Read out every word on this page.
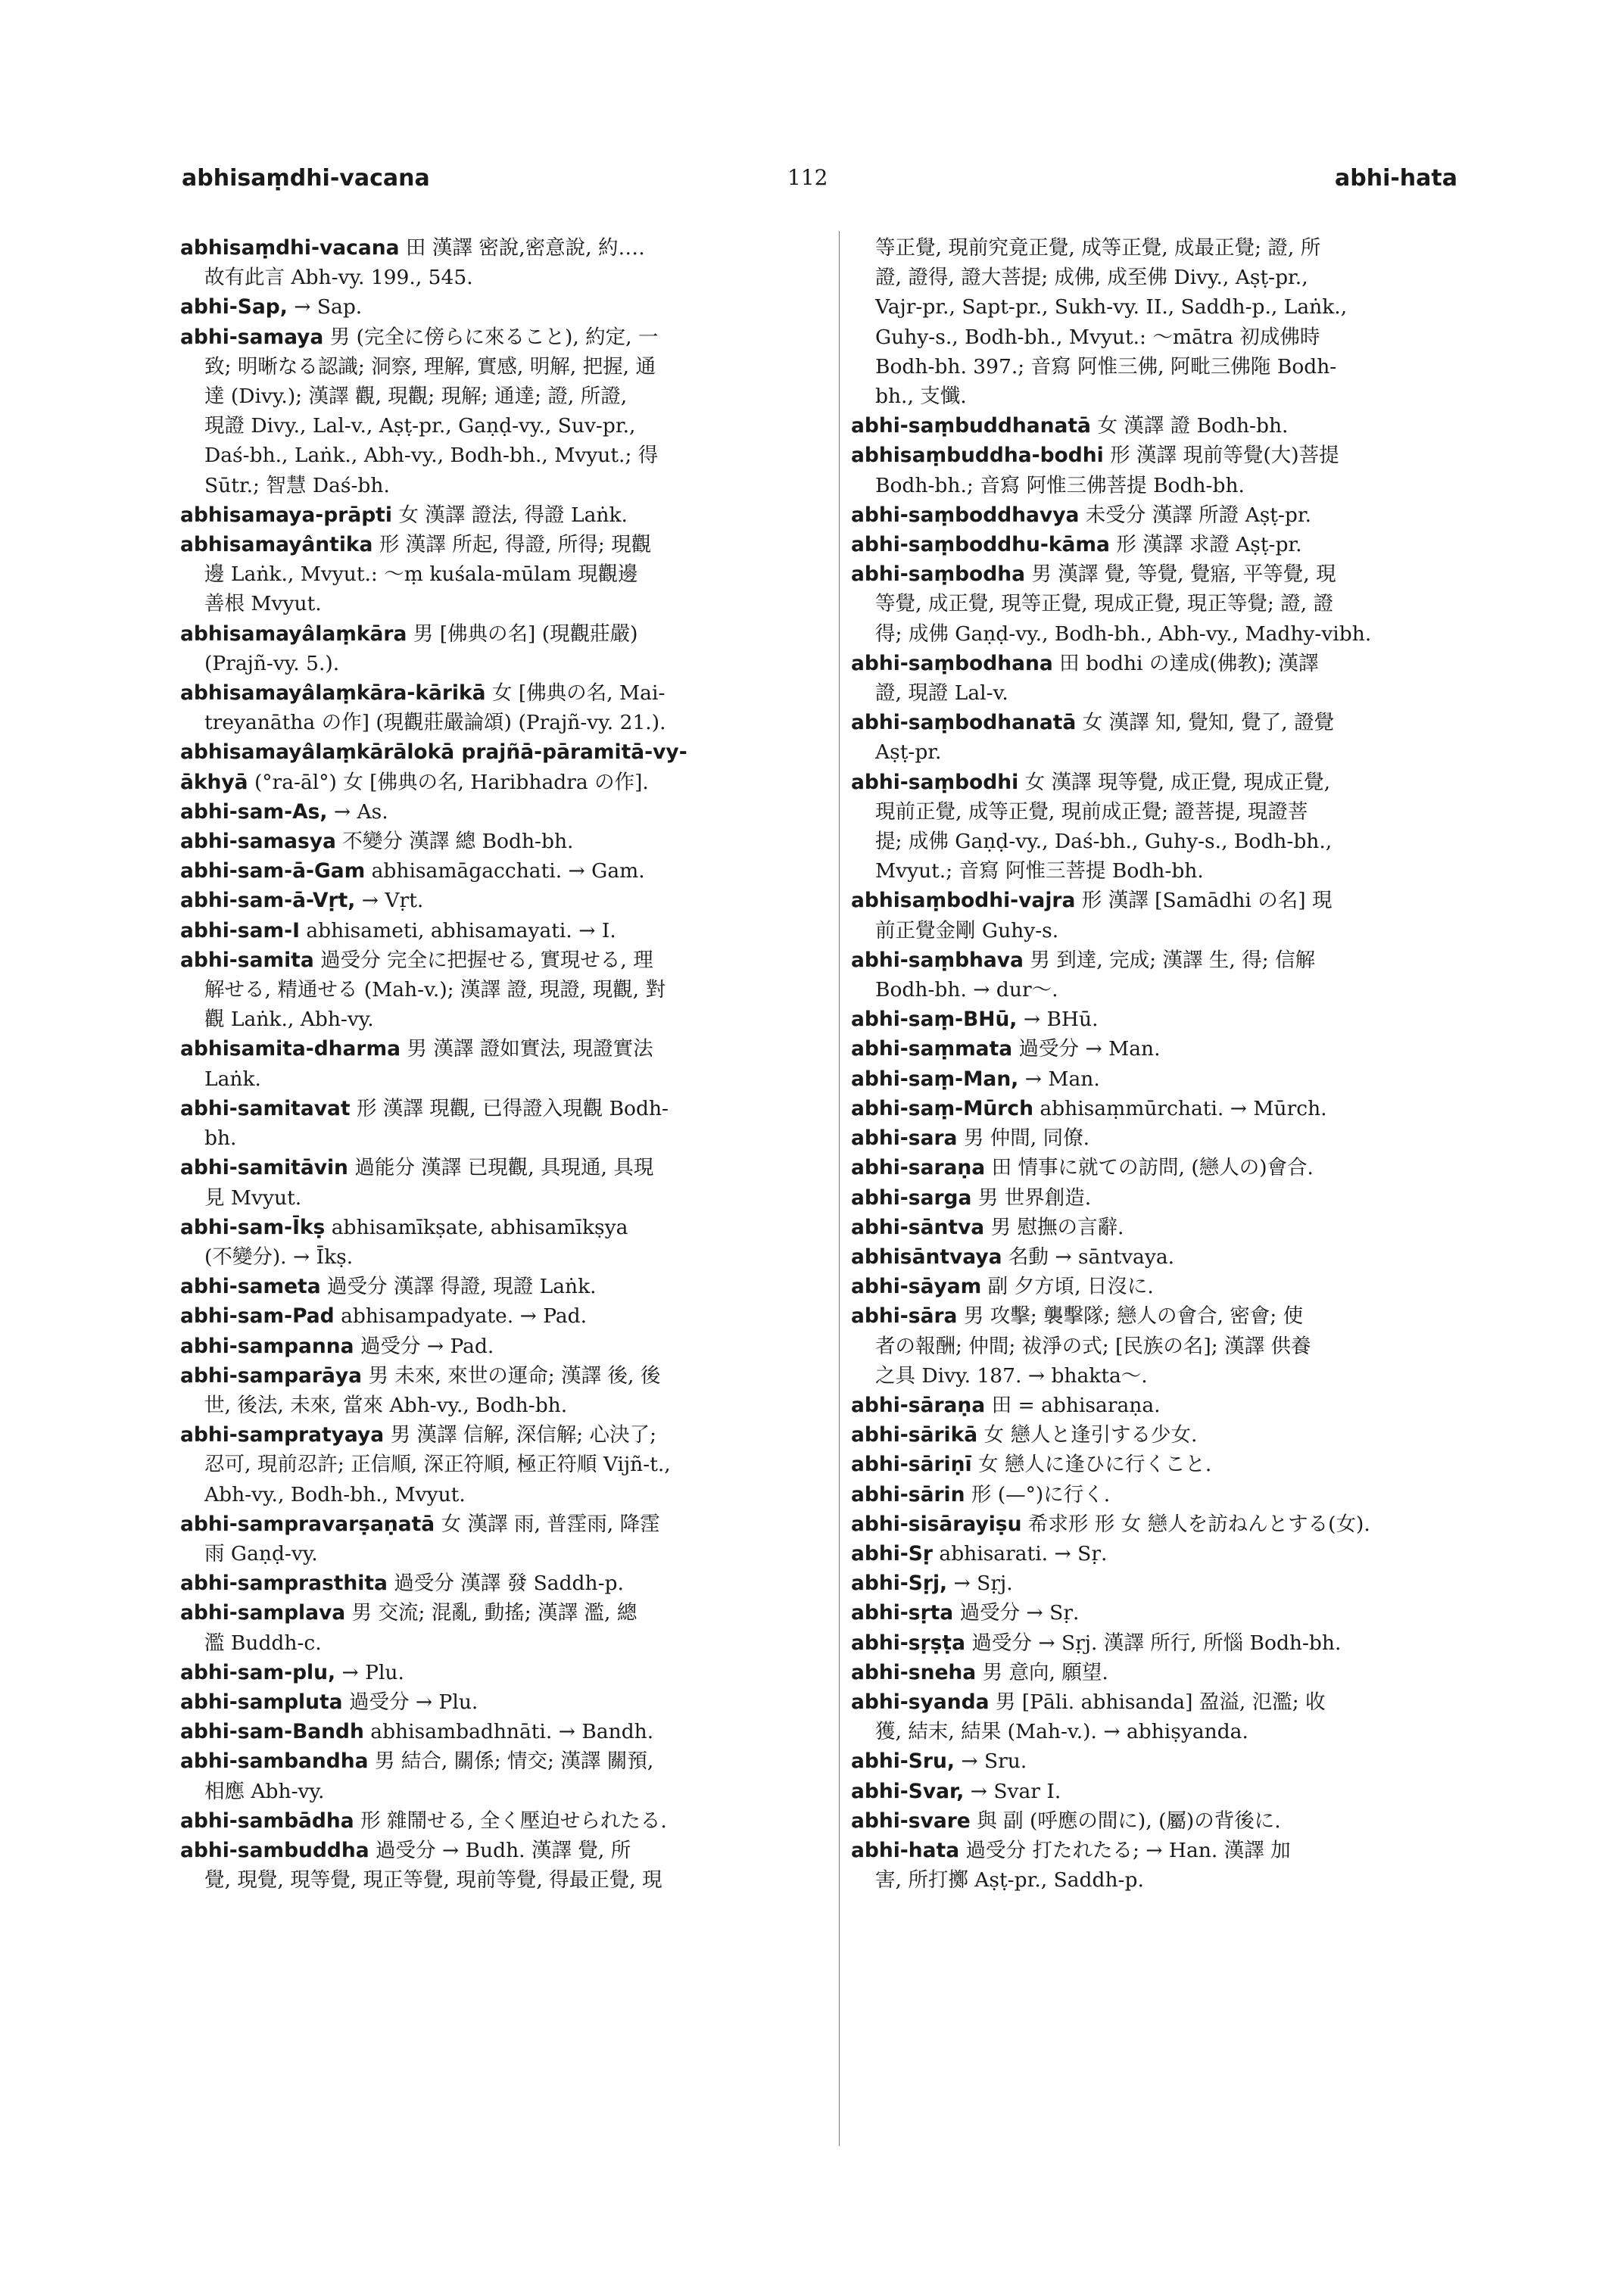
abhisaṃdhi-vacana	112	abhi-hata

abhisaṃdhi-vacana 田 漢譯 密說,密意說, 約‥‥

故有此言 Abh-vy. 199., 545.

abhi-Sap, → Sap.

abhi-samaya 男 (完全に傍らに來ること), 約定, 一

致; 明晰なる認識; 洞察, 理解, 實感, 明解, 把握, 通

達 (Divy.); 漢譯 觀, 現觀; 現解; 通達; 證, 所證,

現證 Divy., Lal-v., Aṣṭ-pr., Gaṇḍ-vy., Suv-pr.,

Daś-bh., Laṅk., Abh-vy., Bodh-bh., Mvyut.; 得

Sūtr.; 智慧 Daś-bh.

abhisamaya-prāpti 女 漢譯 證法, 得證 Laṅk.

abhisamayântika 形 漢譯 所起, 得證, 所得; 現觀

邊 Laṅk., Mvyut.: 〜ṃ kuśala-mūlam 現觀邊

善根 Mvyut.

abhisamayâlaṃkāra 男 [佛典の名] (現觀莊嚴)

(Prajñ-vy. 5.).

abhisamayâlaṃkāra-kārikā 女 [佛典の名, Mai-

treyanātha の作] (現觀莊嚴論頌) (Prajñ-vy. 21.).

abhisamayâlaṃkārālokā prajñā-pāramitā-vy-

ākhyā (°ra-āl°) 女 [佛典の名, Haribhadra の作].

abhi-sam-As, → As.

abhi-samasya 不變分 漢譯 總 Bodh-bh.

abhi-sam-ā-Gam abhisamāgacchati. → Gam.

abhi-sam-ā-Vṛt, → Vṛt.

abhi-sam-I abhisameti, abhisamayati. → I.

abhi-samita 過受分 完全に把握せる, 實現せる, 理

解せる, 精通せる (Mah-v.); 漢譯 證, 現證, 現觀, 對

觀 Laṅk., Abh-vy.

abhisamita-dharma 男 漢譯 證如實法, 現證實法

Laṅk.

abhi-samitavat 形 漢譯 現觀, 已得證入現觀 Bodh-

bh.

abhi-samitāvin 過能分 漢譯 已現觀, 具現通, 具現

見 Mvyut.

abhi-sam-Īkṣ abhisamīkṣate, abhisamīkṣya

(不變分). → Īkṣ.

abhi-sameta 過受分 漢譯 得證, 現證 Laṅk.

abhi-sam-Pad abhisampadyate. → Pad.

abhi-sampanna 過受分 → Pad.

abhi-samparāya 男 未來, 來世の運命; 漢譯 後, 後

世, 後法, 未來, 當來 Abh-vy., Bodh-bh.

abhi-sampratyaya 男 漢譯 信解, 深信解; 心決了;

忍可, 現前忍許; 正信順, 深正符順, 極正符順 Vijñ-t.,

Abh-vy., Bodh-bh., Mvyut.

abhi-sampravarṣaṇatā 女 漢譯 雨, 普霔雨, 降霔

雨 Gaṇḍ-vy.

abhi-samprasthita 過受分 漢譯 發 Saddh-p.

abhi-samplava 男 交流; 混亂, 動搖; 漢譯 濫, 總

濫 Buddh-c.

abhi-sam-plu, → Plu.

abhi-sampluta 過受分 → Plu.

abhi-sam-Bandh abhisambadhnāti. → Bandh.

abhi-sambandha 男 結合, 關係; 情交; 漢譯 關預,

相應 Abh-vy.

abhi-sambādha 形 雜鬧せる, 全く壓迫せられたる.

abhi-sambuddha 過受分 → Budh. 漢譯 覺, 所

覺, 現覺, 現等覺, 現正等覺, 現前等覺, 得最正覺, 現

等正覺, 現前究竟正覺, 成等正覺, 成最正覺; 證, 所

證, 證得, 證大菩提; 成佛, 成至佛 Divy., Aṣṭ-pr.,

Vajr-pr., Sapt-pr., Sukh-vy. II., Saddh-p., Laṅk.,

Guhy-s., Bodh-bh., Mvyut.: 〜mātra 初成佛時

Bodh-bh. 397.; 音寫 阿惟三佛, 阿毗三佛陁 Bodh-

bh., 支懺.

abhi-saṃbuddhanatā 女 漢譯 證 Bodh-bh.

abhisaṃbuddha-bodhi 形 漢譯 現前等覺(大)菩提

Bodh-bh.; 音寫 阿惟三佛菩提 Bodh-bh.

abhi-saṃboddhavya 未受分 漢譯 所證 Aṣṭ-pr.

abhi-saṃboddhu-kāma 形 漢譯 求證 Aṣṭ-pr.

abhi-saṃbodha 男 漢譯 覺, 等覺, 覺寤, 平等覺, 現

等覺, 成正覺, 現等正覺, 現成正覺, 現正等覺; 證, 證

得; 成佛 Gaṇḍ-vy., Bodh-bh., Abh-vy., Madhy-vibh.

abhi-saṃbodhana 田 bodhi の達成(佛教); 漢譯

證, 現證 Lal-v.

abhi-saṃbodhanatā 女 漢譯 知, 覺知, 覺了, 證覺

Aṣṭ-pr.

abhi-saṃbodhi 女 漢譯 現等覺, 成正覺, 現成正覺,

現前正覺, 成等正覺, 現前成正覺; 證菩提, 現證菩

提; 成佛 Gaṇḍ-vy., Daś-bh., Guhy-s., Bodh-bh.,

Mvyut.; 音寫 阿惟三菩提 Bodh-bh.

abhisaṃbodhi-vajra 形 漢譯 [Samādhi の名] 現

前正覺金剛 Guhy-s.

abhi-saṃbhava 男 到達, 完成; 漢譯 生, 得; 信解

Bodh-bh. → dur〜.

abhi-saṃ-BHū, → BHū.

abhi-saṃmata 過受分 → Man.

abhi-saṃ-Man, → Man.

abhi-saṃ-Mūrch abhisaṃmūrchati. → Mūrch.

abhi-sara 男 仲間, 同僚.

abhi-saraṇa 田 情事に就ての訪問, (戀人の)會合.

abhi-sarga 男 世界創造.

abhi-sāntva 男 慰撫の言辭.

abhisāntvaya 名動 → sāntvaya.

abhi-sāyam 副 夕方頃, 日沒に.

abhi-sāra 男 攻擊; 襲擊隊; 戀人の會合, 密會; 使

者の報酬; 仲間; 祓淨の式; [民族の名]; 漢譯 供養

之具 Divy. 187. → bhakta〜.

abhi-sāraṇa 田 = abhisaraṇa.

abhi-sārikā 女 戀人と逢引する少女.

abhi-sāriṇī 女 戀人に逢ひに行くこと.

abhi-sārin 形 (—°)に行く.

abhi-sisārayiṣu 希求形 形 女 戀人を訪ねんとする(女).

abhi-Sṛ abhisarati. → Sṛ.

abhi-Sṛj, → Sṛj.

abhi-sṛta 過受分 → Sṛ.

abhi-sṛṣṭa 過受分 → Sṛj. 漢譯 所行, 所惱 Bodh-bh.

abhi-sneha 男 意向, 願望.

abhi-syanda 男 [Pāli. abhisanda] 盈溢, 氾濫; 收

獲, 結末, 結果 (Mah-v.). → abhiṣyanda.

abhi-Sru, → Sru.

abhi-Svar, → Svar I.

abhi-svare 與 副 (呼應の間に), (屬)の背後に.

abhi-hata 過受分 打たれたる; → Han. 漢譯 加

害, 所打擲 Aṣṭ-pr., Saddh-p.
